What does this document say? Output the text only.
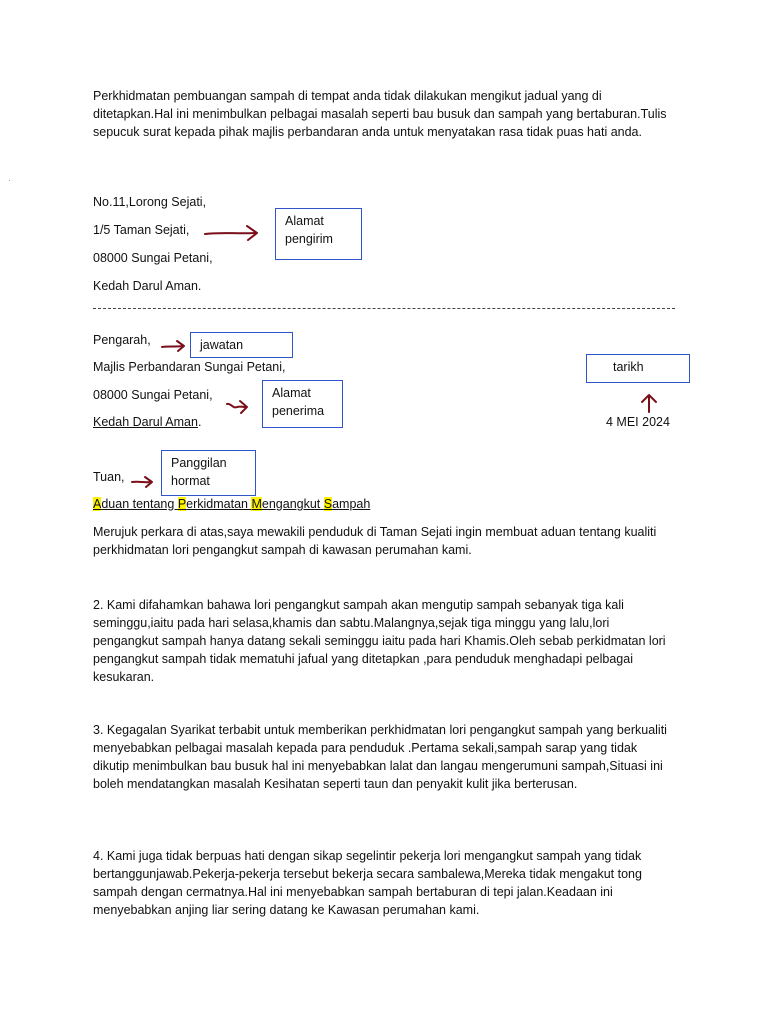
Perkhidmatan pembuangan sampah di tempat anda tidak dilakukan mengikut jadual yang di ditetapkan.Hal ini menimbulkan pelbagai masalah seperti bau busuk dan sampah yang bertaburan.Tulis sepucuk surat kepada pihak majlis perbandaran anda untuk menyatakan rasa tidak puas hati anda.
No.11,Lorong Sejati,
1/5 Taman Sejati,
08000 Sungai Petani,
Kedah Darul Aman.
Alamat
pengirim
Pengarah,
Majlis Perbandaran Sungai Petani,
08000 Sungai Petani,
Kedah Darul Aman.
jawatan
Alamat
penerima
tarikh
4 MEI 2024
Tuan,
Panggilan
hormat
Aduan tentang Perkidmatan Mengangkut Sampah
Merujuk perkara di atas,saya mewakili penduduk di Taman Sejati ingin membuat aduan tentang kualiti perkhidmatan lori pengangkut sampah di kawasan perumahan kami.
2. Kami difahamkan bahawa lori pengangkut sampah akan mengutip sampah sebanyak tiga kali seminggu,iaitu pada hari selasa,khamis dan sabtu.Malangnya,sejak tiga minggu yang lalu,lori pengangkut sampah hanya datang sekali seminggu iaitu pada hari Khamis.Oleh sebab perkidmatan lori pengangkut sampah tidak mematuhi jafual yang ditetapkan ,para penduduk menghadapi pelbagai kesukaran.
3. Kegagalan Syarikat terbabit untuk memberikan perkhidmatan lori pengangkut sampah yang berkualiti menyebabkan pelbagai masalah kepada para penduduk .Pertama sekali,sampah sarap yang tidak dikutip menimbulkan bau busuk hal ini menyebabkan lalat dan langau mengerumuni sampah,Situasi ini boleh mendatangkan masalah Kesihatan seperti taun dan penyakit kulit jika berterusan.
4. Kami juga tidak berpuas hati dengan sikap segelintir pekerja lori mengangkut sampah yang tidak bertanggunjawab.Pekerja-pekerja tersebut bekerja secara sambalewa,Mereka tidak mengakut tong sampah dengan cermatnya.Hal ini menyebabkan sampah bertaburan di tepi jalan.Keadaan ini menyebabkan anjing liar sering datang ke Kawasan perumahan kami.
